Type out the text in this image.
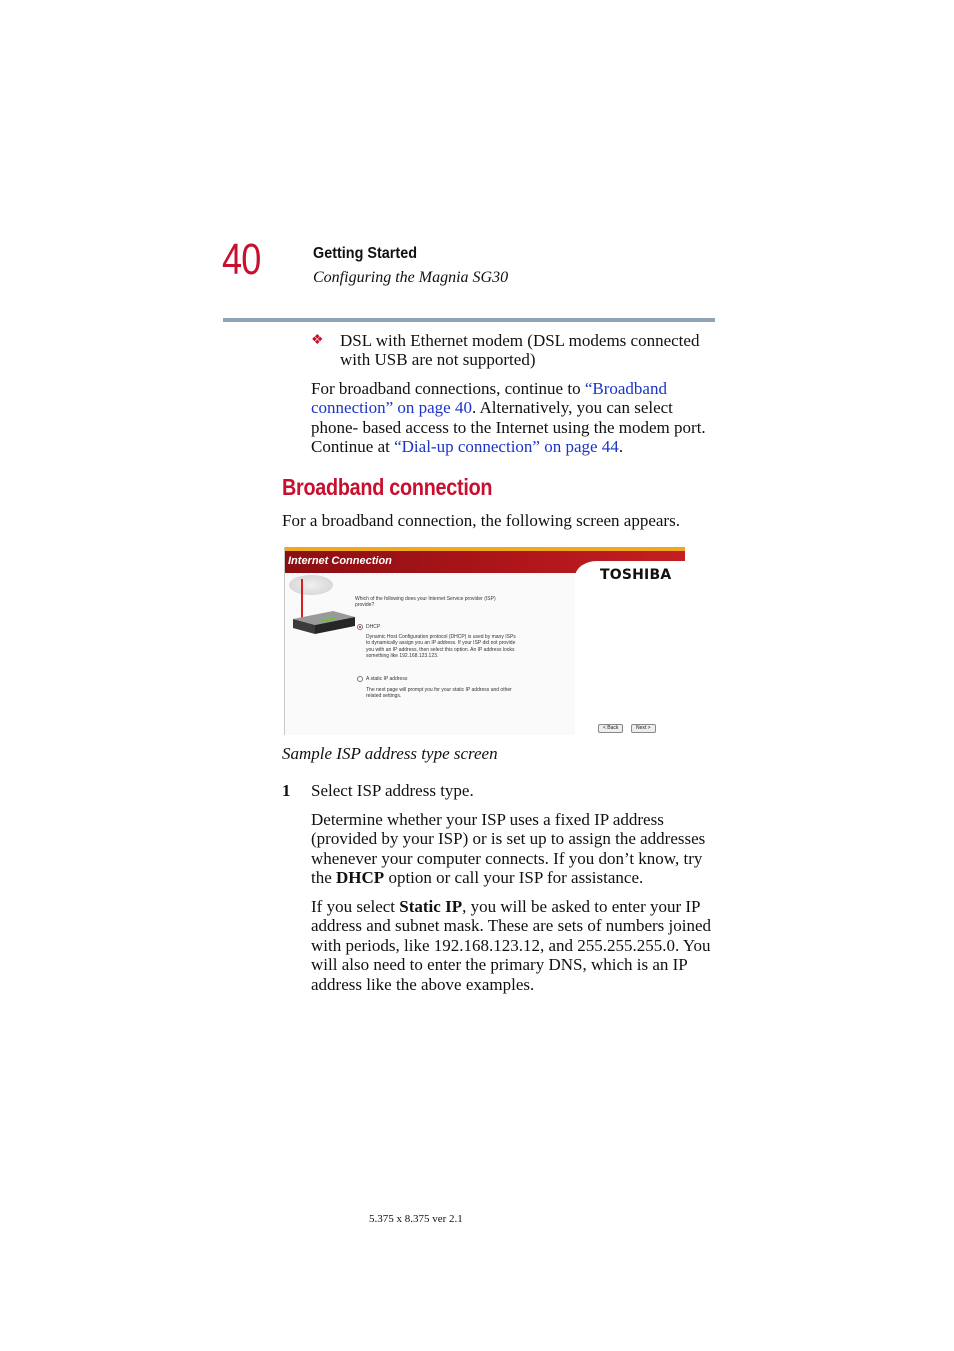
40	Getting Started
Configuring the Magnia SG30
❖ DSL with Ethernet modem (DSL modems connected with USB are not supported)
For broadband connections, continue to “Broadband connection” on page 40. Alternatively, you can select phone- based access to the Internet using the modem port. Continue at “Dial-up connection” on page 44.
Broadband connection
For a broadband connection, the following screen appears.
Internet Connection
TOSHIBA
Which of the following does your Internet Service provider (ISP) provide?
DHCP
Dynamic Host Configuration protocol (DHCP) is used by many ISPs to dynamically assign you an IP address. If your ISP did not provide you with an IP address, then select this option. An IP address looks something like 192.168.123.123.
A static IP address
The next page will prompt you for your static IP address and other related settings.
< Back	Next >
Sample ISP address type screen
1 Select ISP address type.
Determine whether your ISP uses a fixed IP address (provided by your ISP) or is set up to assign the addresses whenever your computer connects. If you don’t know, try the DHCP option or call your ISP for assistance.
If you select Static IP, you will be asked to enter your IP address and subnet mask. These are sets of numbers joined with periods, like 192.168.123.12, and 255.255.255.0. You will also need to enter the primary DNS, which is an IP address like the above examples.
5.375 x 8.375 ver 2.1
